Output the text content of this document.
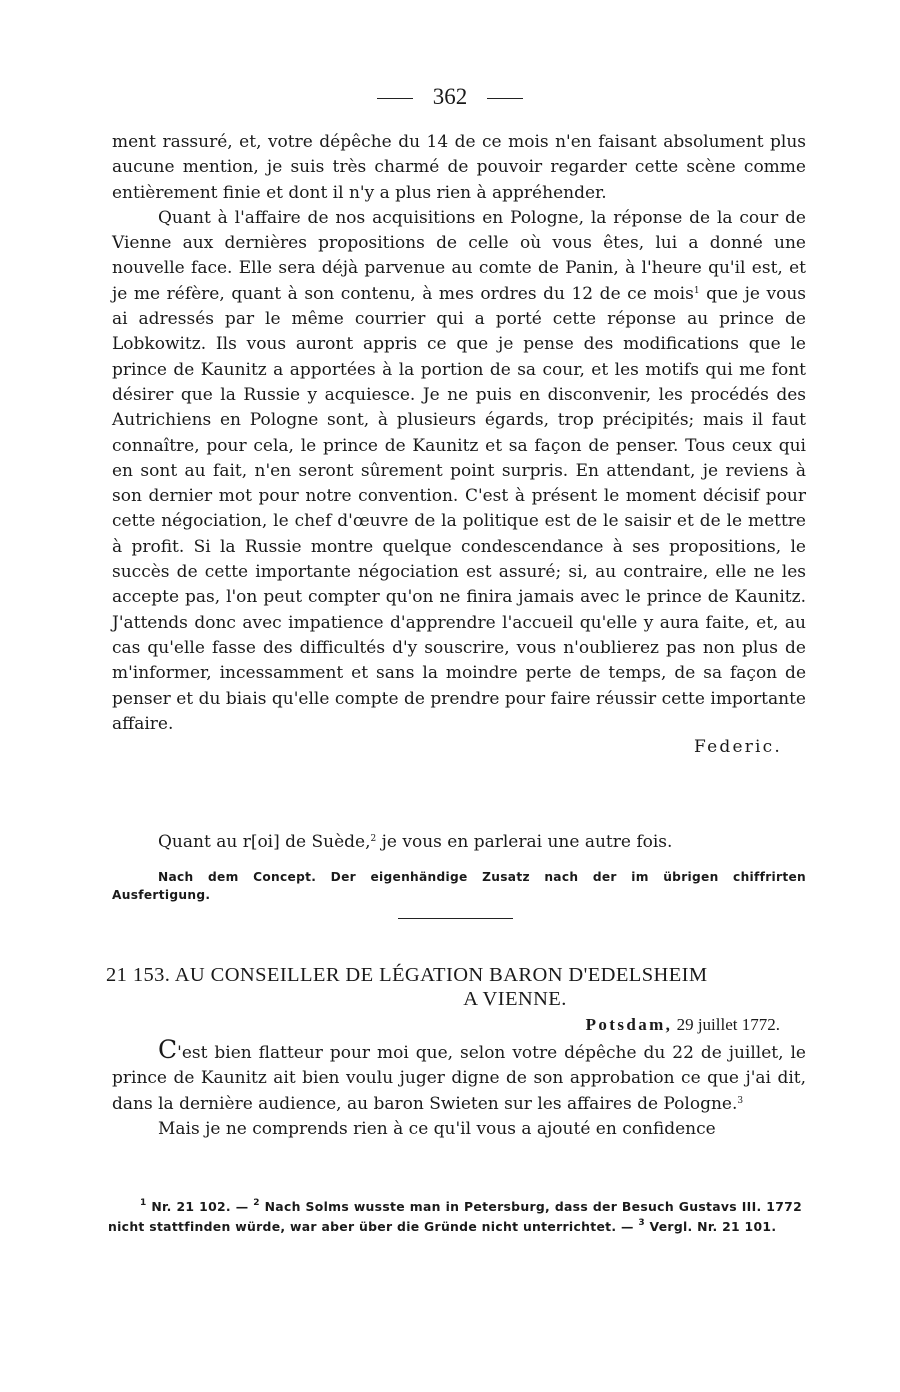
362

ment rassuré, et, votre dépêche du 14 de ce mois n'en faisant absolument plus aucune mention, je suis très charmé de pouvoir regarder cette scène comme entièrement finie et dont il n'y a plus rien à appréhender.

Quant à l'affaire de nos acquisitions en Pologne, la réponse de la cour de Vienne aux dernières propositions de celle où vous êtes, lui a donné une nouvelle face. Elle sera déjà parvenue au comte de Panin, à l'heure qu'il est, et je me réfère, quant à son contenu, à mes ordres du 12 de ce mois$^1$ que je vous ai adressés par le même courrier qui a porté cette réponse au prince de Lobkowitz. Ils vous auront appris ce que je pense des modifications que le prince de Kaunitz a apportées à la portion de sa cour, et les motifs qui me font désirer que la Russie y acquiesce. Je ne puis en disconvenir, les procédés des Autrichiens en Pologne sont, à plusieurs égards, trop précipités; mais il faut connaître, pour cela, le prince de Kaunitz et sa façon de penser. Tous ceux qui en sont au fait, n'en seront sûrement point surpris. En attendant, je reviens à son dernier mot pour notre convention. C'est à présent le moment décisif pour cette négociation, le chef d'œuvre de la politique est de le saisir et de le mettre à profit. Si la Russie montre quelque condescendance à ses propositions, le succès de cette importante négociation est assuré; si, au contraire, elle ne les accepte pas, l'on peut compter qu'on ne finira jamais avec le prince de Kaunitz. J'attends donc avec impatience d'apprendre l'accueil qu'elle y aura faite, et, au cas qu'elle fasse des difficultés d'y souscrire, vous n'oublierez pas non plus de m'informer, incessamment et sans la moindre perte de temps, de sa façon de penser et du biais qu'elle compte de prendre pour faire réussir cette importante affaire.

Federic.

Quant au r[oi] de Suède,$^2$ je vous en parlerai une autre fois.
Nach dem Concept. Der eigenhändige Zusatz nach der im übrigen chiffrirten Ausfertigung.
21 153. AU CONSEILLER DE LÉGATION BARON D'EDELSHEIM
A VIENNE.
Potsdam, 29 juillet 1772.

C'est bien flatteur pour moi que, selon votre dépêche du 22 de juillet, le prince de Kaunitz ait bien voulu juger digne de son approbation ce que j'ai dit, dans la dernière audience, au baron Swieten sur les affaires de Pologne.$^3$

Mais je ne comprends rien à ce qu'il vous a ajouté en confidence

$^1$ Nr. 21 102. — $^2$ Nach Solms wusste man in Petersburg, dass der Besuch Gustavs III. 1772 nicht stattfinden würde, war aber über die Gründe nicht unterrichtet. — $^3$ Vergl. Nr. 21 101.
